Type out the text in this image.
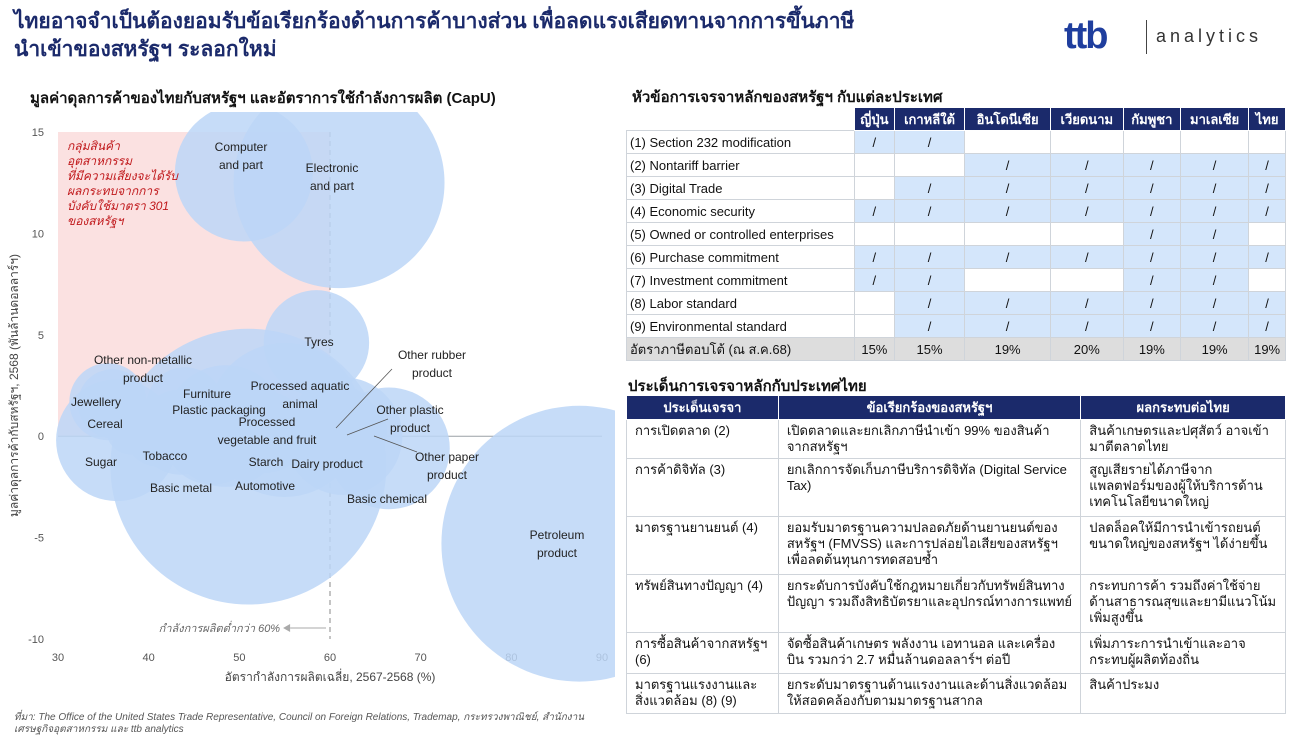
ไทยอาจจำเป็นต้องยอมรับข้อเรียกร้องด้านการค้าบางส่วน เพื่อลดแรงเสียดทานจากการขึ้นภาษี
นำเข้าของสหรัฐฯ ระลอกใหม่	ttb	analytics
มูลค่าดุลการค้าของไทยกับสหรัฐฯ และอัตราการใช้กำลังการผลิต (CapU)
30	40	50	60	70
-10
-5
0
5
10
15
Computer and part	Electronic and part
Tyres
Other non-metallic product
Jewellery
Cereal
Sugar Tobacco
Furniture
Plastic packaging
Basic metal
Processed vegetable and fruit
Automotive
Starch
Processed aquatic animal
Dairy product
Other rubber product
Other plastic product
Other paper product
Basic chemical
Petroleum product
กลุ่มสินค้าอุตสาหกรรมที่มีความเสี่ยงจะได้รับผลกระทบจากการบังคับใช้มาตรา 301 ของสหรัฐฯ
กำลังการผลิตต่ำกว่า 60%
อัตรากำลังการผลิตเฉลี่ย, 2567-2568 (%)
มูลค่าดุลการค้ากับสหรัฐฯ, 2568 (พันล้านดอลลาร์ฯ)
หัวข้อการเจรจาหลักของสหรัฐฯ กับแต่ละประเทศ
	ญี่ปุ่น	เกาหลีใต้	อินโดนีเซีย	เวียดนาม	กัมพูชา	มาเลเซีย	ไทย
(1) Section 232 modification	/	/					
(2) Nontariff barrier			/	/	/	/	/
(3) Digital Trade		/	/	/	/	/	/
(4) Economic security	/	/	/	/	/	/	/
(5) Owned or controlled enterprises					/	/	
(6) Purchase commitment	/	/	/	/	/	/	/
(7) Investment commitment	/	/			/	/	
(8) Labor standard		/	/	/	/	/	/
(9) Environmental standard		/	/	/	/	/	/
อัตราภาษีตอบโต้ (ณ ส.ค.68)	15%	15%	19%	20%	19%	19%	19%
ประเด็นการเจรจาหลักกับประเทศไทย
ประเด็นเจรจา	ข้อเรียกร้องของสหรัฐฯ	ผลกระทบต่อไทย
การเปิดตลาด (2)	เปิดตลาดและยกเลิกภาษีนำเข้า 99% ของสินค้าจากสหรัฐฯ	สินค้าเกษตรและปศุสัตว์ อาจเข้ามาตีตลาดไทย
การค้าดิจิทัล (3)	ยกเลิกการจัดเก็บภาษีบริการดิจิทัล (Digital Service Tax)	สูญเสียรายได้ภาษีจากแพลตฟอร์มของผู้ให้บริการด้านเทคโนโลยีขนาดใหญ่
มาตรฐานยานยนต์ (4)	ยอมรับมาตรฐานความปลอดภัยด้านยานยนต์ของสหรัฐฯ (FMVSS) และการปล่อยไอเสียของสหรัฐฯ เพื่อลดต้นทุนการทดสอบซ้ำ	ปลดล็อคให้มีการนำเข้ารถยนต์ขนาดใหญ่ของสหรัฐฯ ได้ง่ายขึ้น
ทรัพย์สินทางปัญญา (4)	ยกระดับการบังคับใช้กฎหมายเกี่ยวกับทรัพย์สินทางปัญญา รวมถึงสิทธิบัตรยาและอุปกรณ์ทางการแพทย์	กระทบการค้า รวมถึงค่าใช้จ่ายด้านสาธารณสุขและยามีแนวโน้มเพิ่มสูงขึ้น
การซื้อสินค้าจากสหรัฐฯ (6)	จัดซื้อสินค้าเกษตร พลังงาน เอทานอล และเครื่องบิน รวมกว่า 2.7 หมื่นล้านดอลลาร์ฯ ต่อปี	เพิ่มภาระการนำเข้าและอาจกระทบผู้ผลิตท้องถิ่น
มาตรฐานแรงงานและสิ่งแวดล้อม (8) (9)	ยกระดับมาตรฐานด้านแรงงานและด้านสิ่งแวดล้อมให้สอดคล้องกับตามมาตรฐานสากล	สินค้าประมง
ที่มา: The Office of the United States Trade Representative, Council on Foreign Relations, Trademap, กระทรวงพาณิชย์, สำนักงานเศรษฐกิจอุตสาหกรรม และ ttb analytics
